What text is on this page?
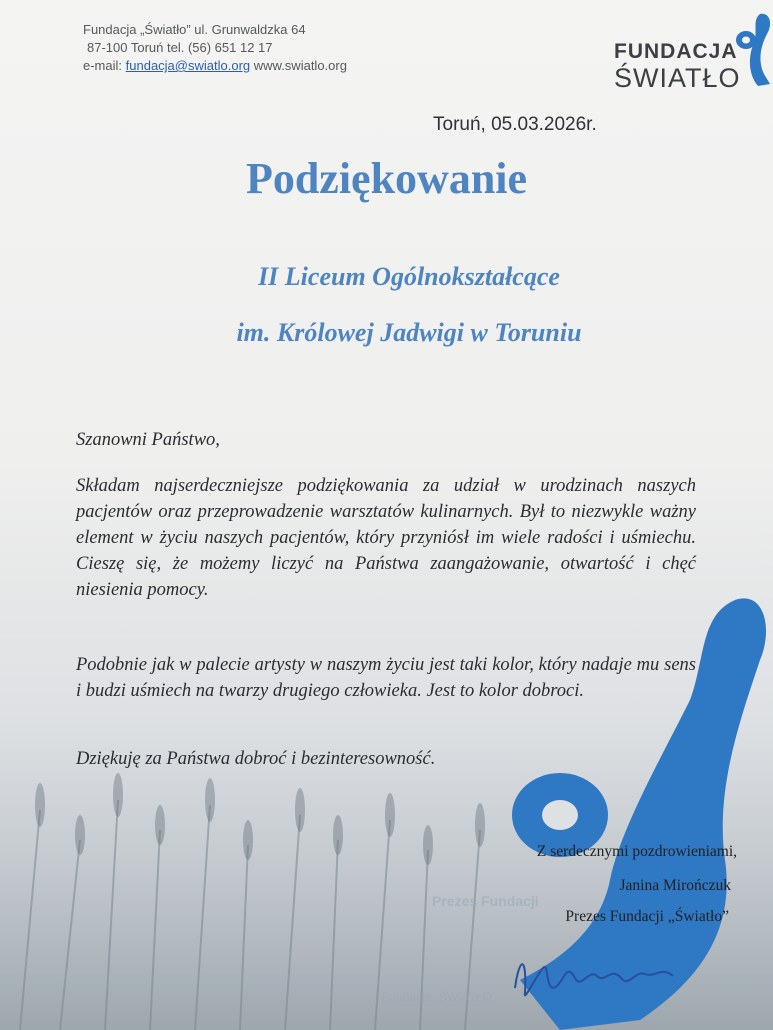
Fundacja „Światło” ul. Grunwaldzka 64
87-100 Toruń tel. (56) 651 12 17
e-mail: fundacja@swiatlo.org www.swiatlo.org
FUNDACJA
ŚWIATŁO
Toruń, 05.03.2026r.
Podziękowanie
II Liceum Ogólnokształcące
im. Królowej Jadwigi w Toruniu
Szanowni Państwo,
Składam najserdeczniejsze podziękowania za udział w urodzinach naszych pacjentów oraz przeprowadzenie warsztatów kulinarnych. Był to niezwykle ważny element w życiu naszych pacjentów, który przyniósł im wiele radości i uśmiechu. Cieszę się, że możemy liczyć na Państwa zaangażowanie, otwartość i chęć niesienia pomocy.
Podobnie jak w palecie artysty w naszym życiu jest taki kolor, który nadaje mu sens i budzi uśmiech na twarzy drugiego człowieka. Jest to kolor dobroci.
Dziękuję za Państwa dobroć i bezinteresowność.
Z serdecznymi pozdrowieniami,
Janina Mirończuk
Prezes Fundacji „Światło”
Prezes Fundacji
Fundacja „ŚWIATŁO”
